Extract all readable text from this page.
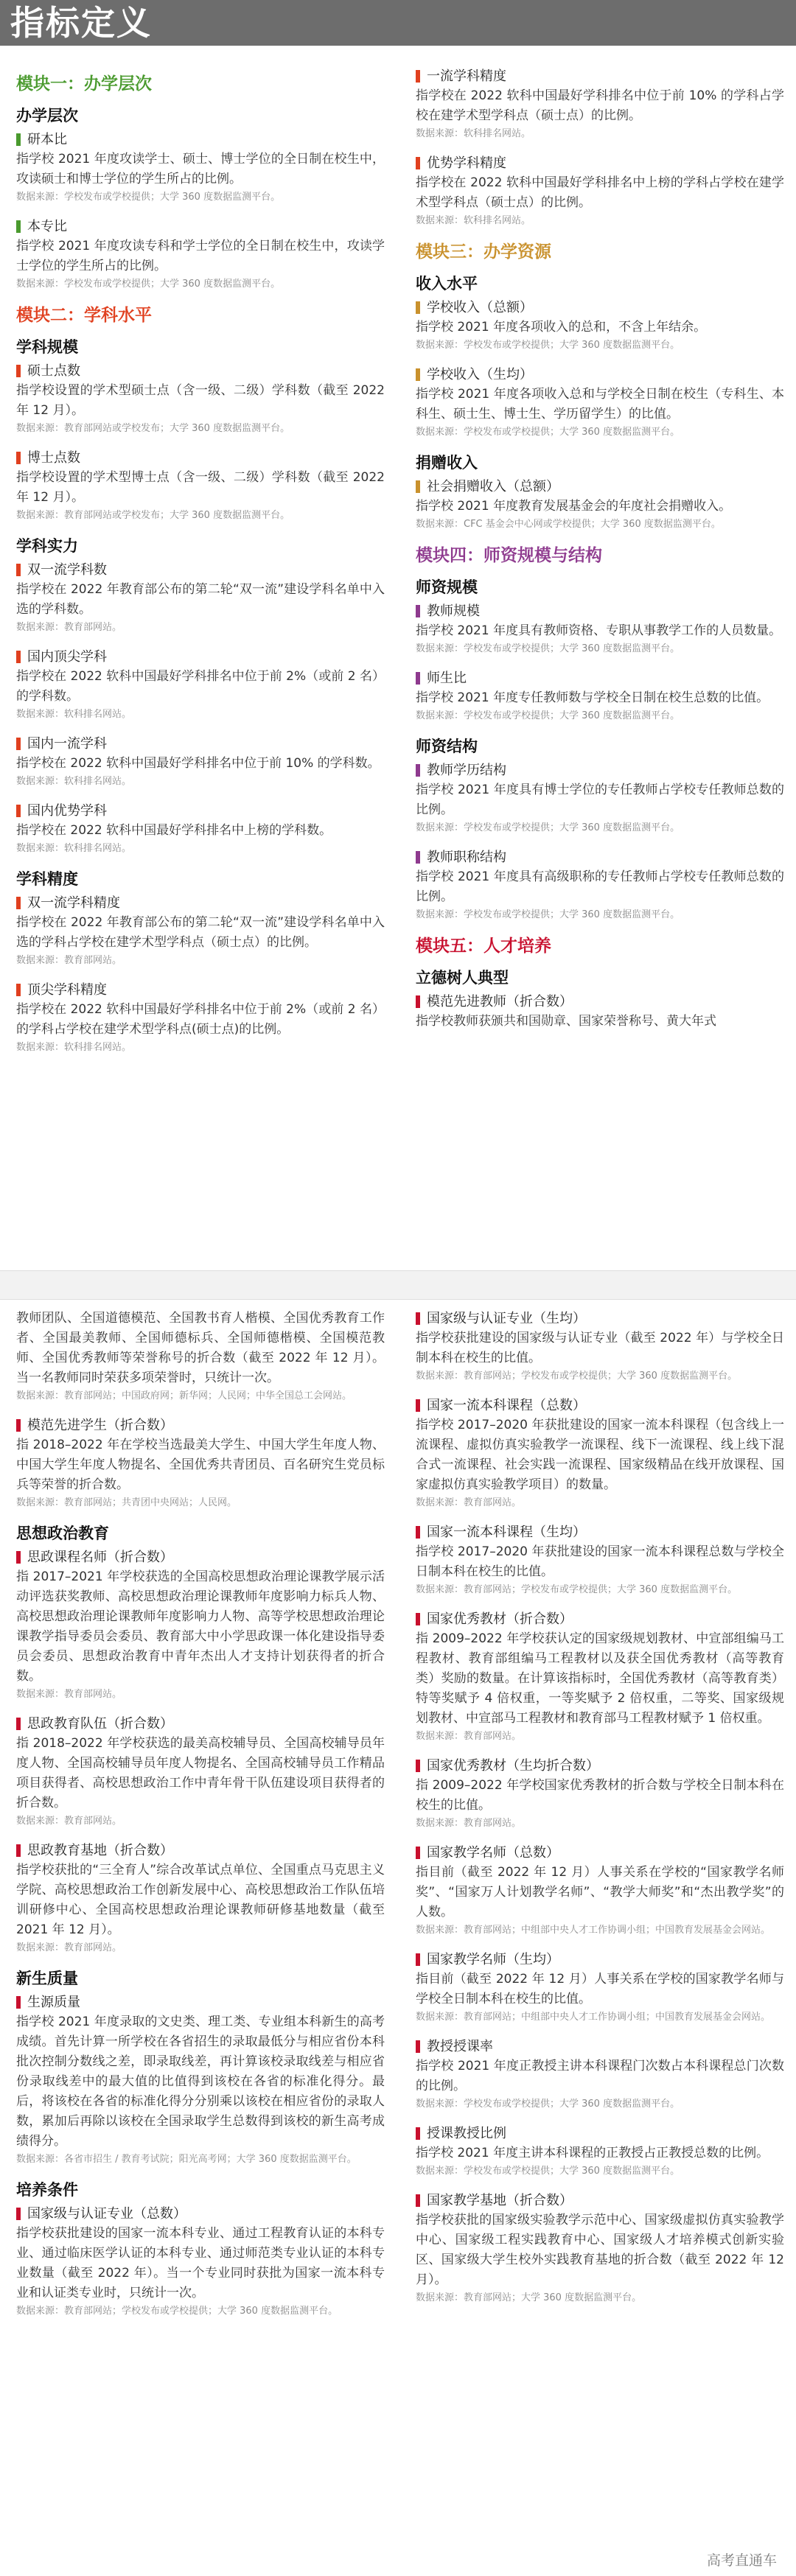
指标定义
模块一：办学层次
办学层次
研本比
指学校 2021 年度攻读学士、硕士、博士学位的全日制在校生中，攻读硕士和博士学位的学生所占的比例。
数据来源：学校发布或学校提供；大学 360 度数据监测平台。
本专比
指学校 2021 年度攻读专科和学士学位的全日制在校生中，攻读学士学位的学生所占的比例。
数据来源：学校发布或学校提供；大学 360 度数据监测平台。
模块二：学科水平
学科规模
硕士点数
指学校设置的学术型硕士点（含一级、二级）学科数（截至 2022 年 12 月）。
数据来源：教育部网站或学校发布；大学 360 度数据监测平台。
博士点数
指学校设置的学术型博士点（含一级、二级）学科数（截至 2022 年 12 月）。
数据来源：教育部网站或学校发布；大学 360 度数据监测平台。
学科实力
双一流学科数
指学校在 2022 年教育部公布的第二轮“双一流”建设学科名单中入选的学科数。
数据来源：教育部网站。
国内顶尖学科
指学校在 2022 软科中国最好学科排名中位于前 2%（或前 2 名）的学科数。
数据来源：软科排名网站。
国内一流学科
指学校在 2022 软科中国最好学科排名中位于前 10% 的学科数。
数据来源：软科排名网站。
国内优势学科
指学校在 2022 软科中国最好学科排名中上榜的学科数。
数据来源：软科排名网站。
学科精度
双一流学科精度
指学校在 2022 年教育部公布的第二轮“双一流”建设学科名单中入选的学科占学校在建学术型学科点（硕士点）的比例。
数据来源：教育部网站。
顶尖学科精度
指学校在 2022 软科中国最好学科排名中位于前 2%（或前 2 名）的学科占学校在建学术型学科点(硕士点)的比例。
数据来源：软科排名网站。
一流学科精度
指学校在 2022 软科中国最好学科排名中位于前 10% 的学科占学校在建学术型学科点（硕士点）的比例。
数据来源：软科排名网站。
优势学科精度
指学校在 2022 软科中国最好学科排名中上榜的学科占学校在建学术型学科点（硕士点）的比例。
数据来源：软科排名网站。
模块三：办学资源
收入水平
学校收入（总额）
指学校 2021 年度各项收入的总和，不含上年结余。
数据来源：学校发布或学校提供；大学 360 度数据监测平台。
学校收入（生均）
指学校 2021 年度各项收入总和与学校全日制在校生（专科生、本科生、硕士生、博士生、学历留学生）的比值。
数据来源：学校发布或学校提供；大学 360 度数据监测平台。
捐赠收入
社会捐赠收入（总额）
指学校 2021 年度教育发展基金会的年度社会捐赠收入。
数据来源：CFC 基金会中心网或学校提供；大学 360 度数据监测平台。
模块四：师资规模与结构
师资规模
教师规模
指学校 2021 年度具有教师资格、专职从事教学工作的人员数量。
数据来源：学校发布或学校提供；大学 360 度数据监测平台。
师生比
指学校 2021 年度专任教师数与学校全日制在校生总数的比值。
数据来源：学校发布或学校提供；大学 360 度数据监测平台。
师资结构
教师学历结构
指学校 2021 年度具有博士学位的专任教师占学校专任教师总数的比例。
数据来源：学校发布或学校提供；大学 360 度数据监测平台。
教师职称结构
指学校 2021 年度具有高级职称的专任教师占学校专任教师总数的比例。
数据来源：学校发布或学校提供；大学 360 度数据监测平台。
模块五：人才培养
立德树人典型
模范先进教师（折合数）
指学校教师获颁共和国勋章、国家荣誉称号、黄大年式
教师团队、全国道德模范、全国教书育人楷模、全国优秀教育工作者、全国最美教师、全国师德标兵、全国师德楷模、全国模范教师、全国优秀教师等荣誉称号的折合数（截至 2022 年 12 月）。当一名教师同时荣获多项荣誉时，只统计一次。
数据来源：教育部网站；中国政府网；新华网；人民网；中华全国总工会网站。
模范先进学生（折合数）
指 2018–2022 年在学校当选最美大学生、中国大学生年度人物、中国大学生年度人物提名、全国优秀共青团员、百名研究生党员标兵等荣誉的折合数。
数据来源：教育部网站；共青团中央网站；人民网。
思想政治教育
思政课程名师（折合数）
指 2017–2021 年学校获选的全国高校思想政治理论课教学展示活动评选获奖教师、高校思想政治理论课教师年度影响力标兵人物、高校思想政治理论课教师年度影响力人物、高等学校思想政治理论课教学指导委员会委员、教育部大中小学思政课一体化建设指导委员会委员、思想政治教育中青年杰出人才支持计划获得者的折合数。
数据来源：教育部网站。
思政教育队伍（折合数）
指 2018–2022 年学校获选的最美高校辅导员、全国高校辅导员年度人物、全国高校辅导员年度人物提名、全国高校辅导员工作精品项目获得者、高校思想政治工作中青年骨干队伍建设项目获得者的折合数。
数据来源：教育部网站。
思政教育基地（折合数）
指学校获批的“三全育人”综合改革试点单位、全国重点马克思主义学院、高校思想政治工作创新发展中心、高校思想政治工作队伍培训研修中心、全国高校思想政治理论课教师研修基地数量（截至 2021 年 12 月）。
数据来源：教育部网站。
新生质量
生源质量
指学校 2021 年度录取的文史类、理工类、专业组本科新生的高考成绩。首先计算一所学校在各省招生的录取最低分与相应省份本科批次控制分数线之差，即录取线差，再计算该校录取线差与相应省份录取线差中的最大值的比值得到该校在各省的标准化得分。最后，将该校在各省的标准化得分分别乘以该校在相应省份的录取人数，累加后再除以该校在全国录取学生总数得到该校的新生高考成绩得分。
数据来源：各省市招生 / 教育考试院；阳光高考网；大学 360 度数据监测平台。
培养条件
国家级与认证专业（总数）
指学校获批建设的国家一流本科专业、通过工程教育认证的本科专业、通过临床医学认证的本科专业、通过师范类专业认证的本科专业数量（截至 2022 年）。当一个专业同时获批为国家一流本科专业和认证类专业时，只统计一次。
数据来源：教育部网站；学校发布或学校提供；大学 360 度数据监测平台。
国家级与认证专业（生均）
指学校获批建设的国家级与认证专业（截至 2022 年）与学校全日制本科在校生的比值。
数据来源：教育部网站；学校发布或学校提供；大学 360 度数据监测平台。
国家一流本科课程（总数）
指学校 2017–2020 年获批建设的国家一流本科课程（包含线上一流课程、虚拟仿真实验教学一流课程、线下一流课程、线上线下混合式一流课程、社会实践一流课程、国家级精品在线开放课程、国家虚拟仿真实验教学项目）的数量。
数据来源：教育部网站。
国家一流本科课程（生均）
指学校 2017–2020 年获批建设的国家一流本科课程总数与学校全日制本科在校生的比值。
数据来源：教育部网站；学校发布或学校提供；大学 360 度数据监测平台。
国家优秀教材（折合数）
指 2009–2022 年学校获认定的国家级规划教材、中宣部组编马工程教材、教育部组编马工程教材以及获全国优秀教材（高等教育类）奖励的数量。在计算该指标时，全国优秀教材（高等教育类）特等奖赋予 4 倍权重，一等奖赋予 2 倍权重，二等奖、国家级规划教材、中宣部马工程教材和教育部马工程教材赋予 1 倍权重。
数据来源：教育部网站。
国家优秀教材（生均折合数）
指 2009–2022 年学校国家优秀教材的折合数与学校全日制本科在校生的比值。
数据来源：教育部网站。
国家教学名师（总数）
指目前（截至 2022 年 12 月）人事关系在学校的“国家教学名师奖”、“国家万人计划教学名师”、“教学大师奖”和“杰出教学奖”的人数。
数据来源：教育部网站；中组部中央人才工作协调小组；中国教育发展基金会网站。
国家教学名师（生均）
指目前（截至 2022 年 12 月）人事关系在学校的国家教学名师与学校全日制本科在校生的比值。
数据来源：教育部网站；中组部中央人才工作协调小组；中国教育发展基金会网站。
教授授课率
指学校 2021 年度正教授主讲本科课程门次数占本科课程总门次数的比例。
数据来源：学校发布或学校提供；大学 360 度数据监测平台。
授课教授比例
指学校 2021 年度主讲本科课程的正教授占正教授总数的比例。
数据来源：学校发布或学校提供；大学 360 度数据监测平台。
国家教学基地（折合数）
指学校获批的国家级实验教学示范中心、国家级虚拟仿真实验教学中心、国家级工程实践教育中心、国家级人才培养模式创新实验区、国家级大学生校外实践教育基地的折合数（截至 2022 年 12 月）。
数据来源：教育部网站；大学 360 度数据监测平台。
高考直通车
